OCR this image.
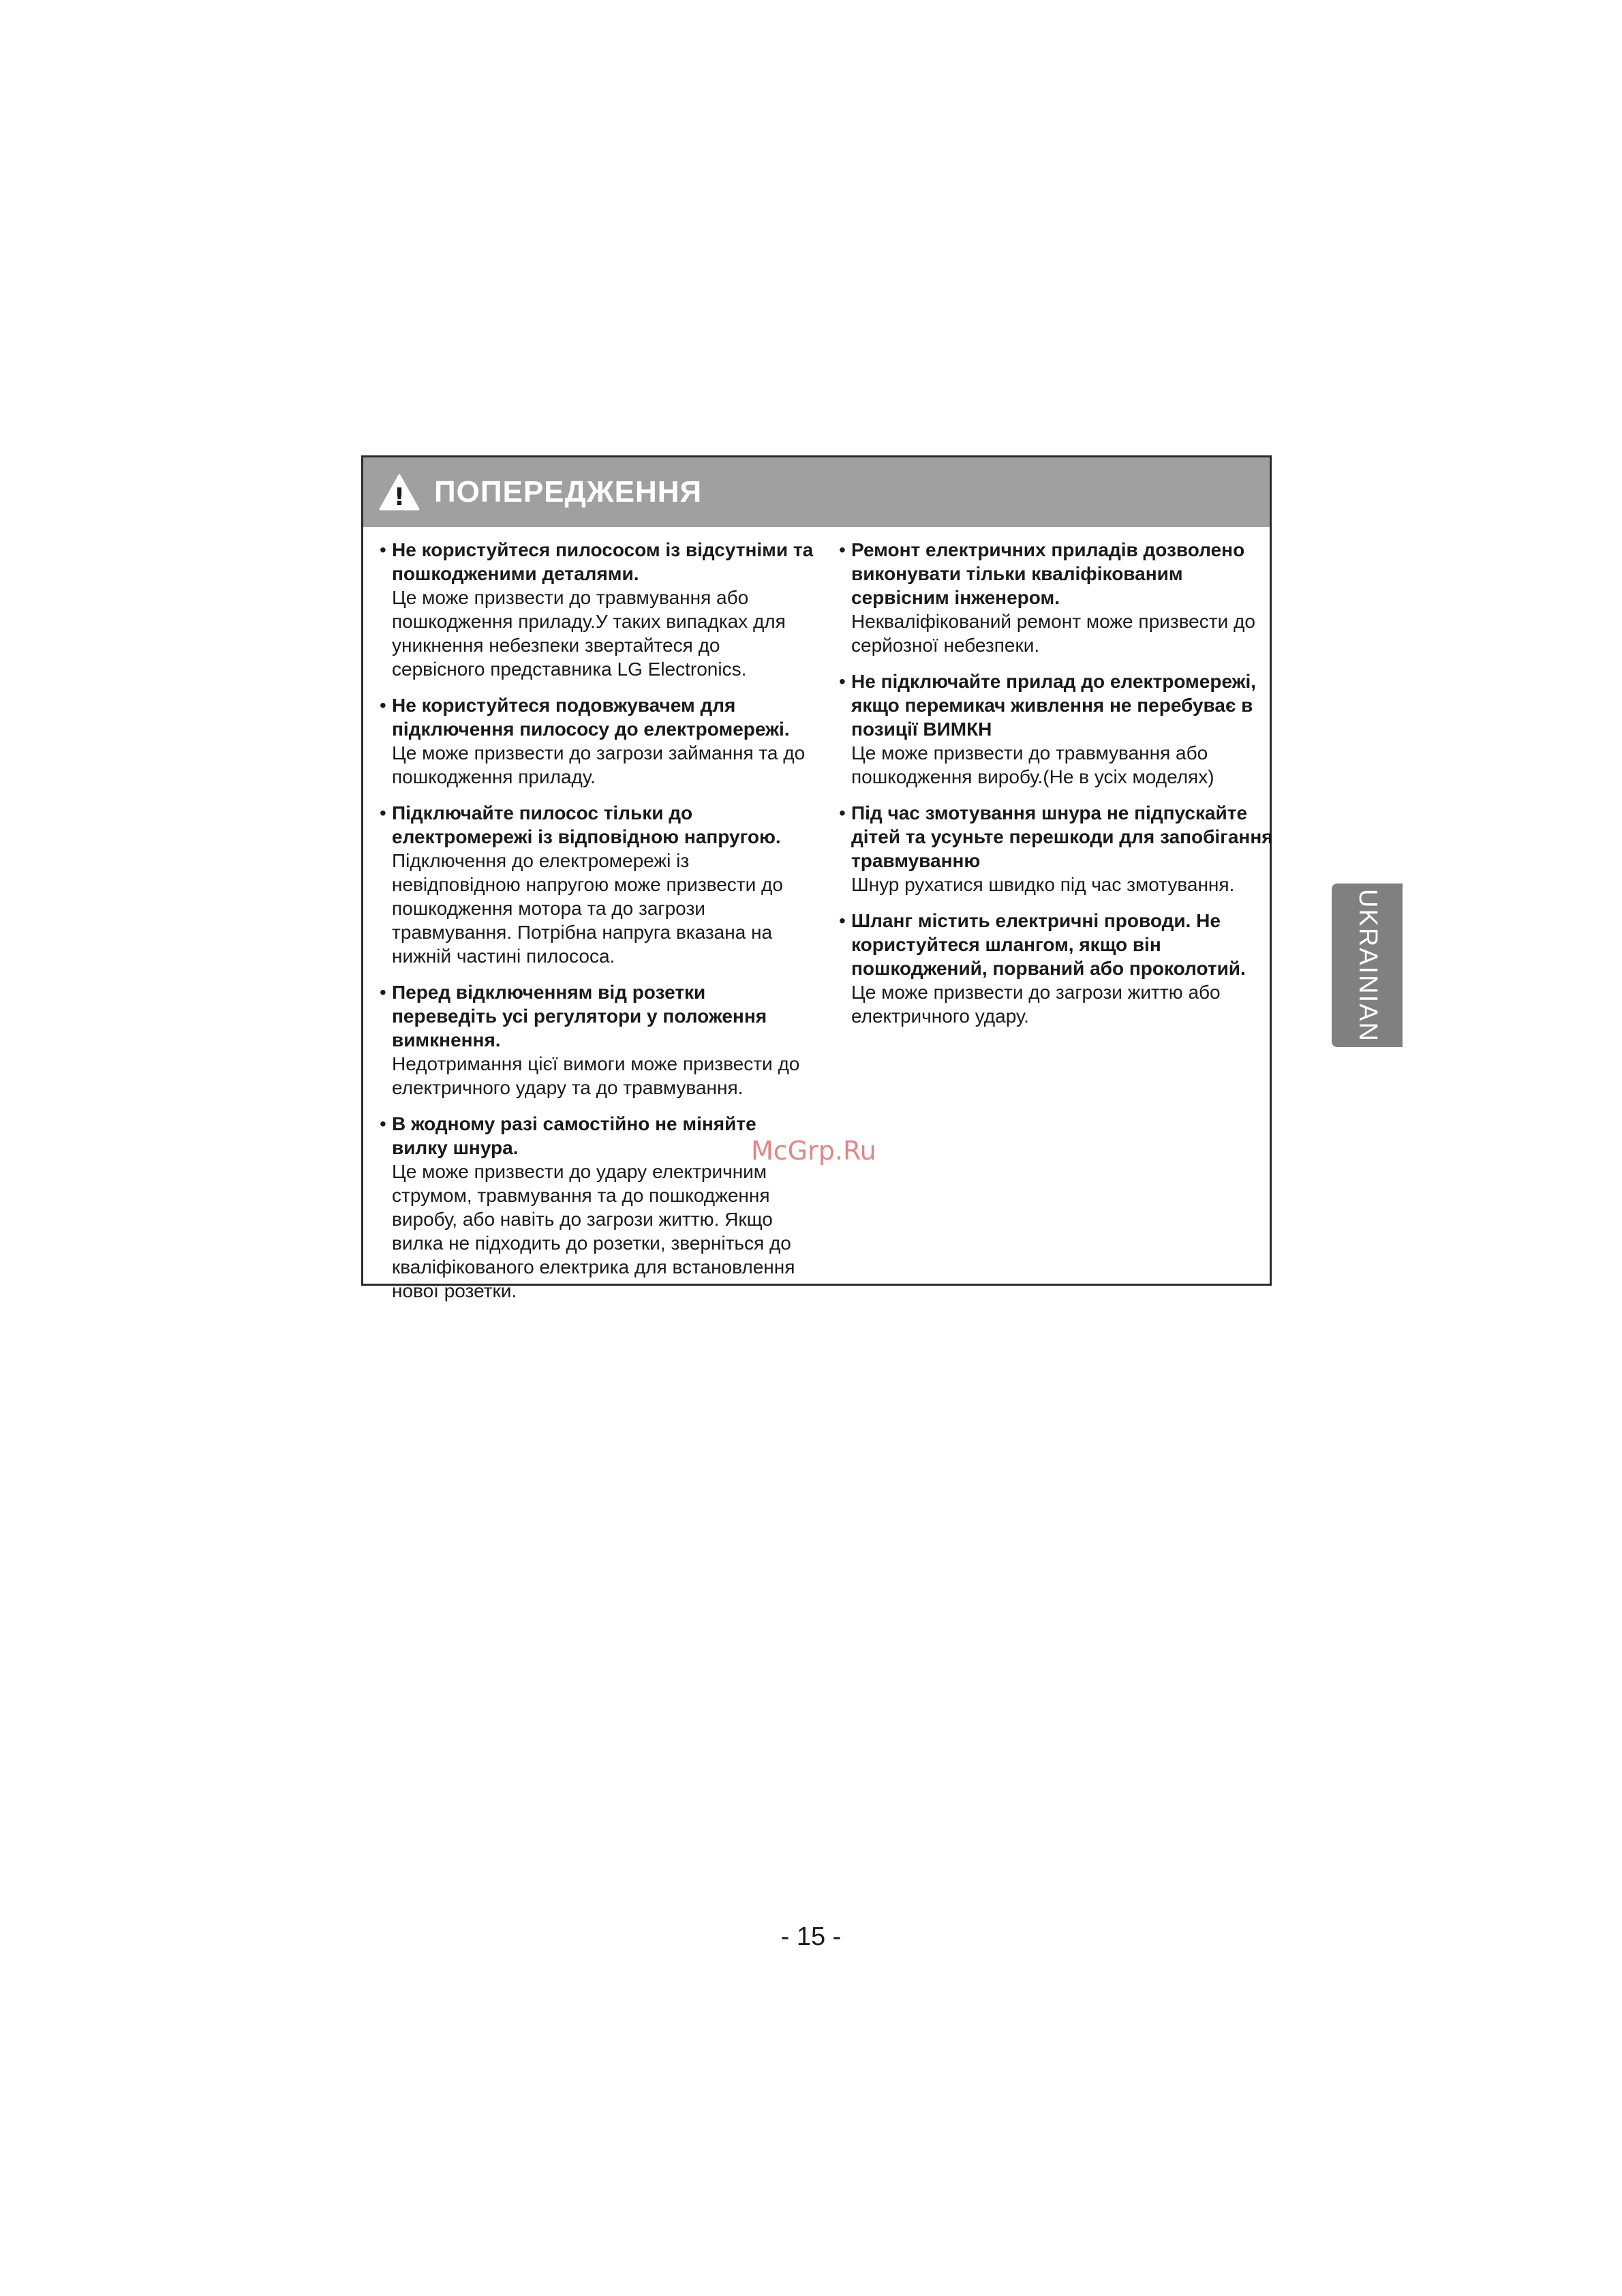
! ПОПЕРЕДЖЕННЯ
• Не користуйтеся пилососом із відсутніми та пошкодженими деталями.
Це може призвести до травмування або пошкодження приладу.У таких випадках для уникнення небезпеки звертайтеся до сервісного представника LG Electronics.
• Не користуйтеся подовжувачем для підключення пилососу до електромережі.
Це може призвести до загрози займання та до пошкодження приладу.
• Підключайте пилосос тільки до електромережі із відповідною напругою.
Підключення до електромережі із невідповідною напругою може призвести до пошкодження мотора та до загрози травмування. Потрібна напруга вказана на нижній частині пилососа.
• Перед відключенням від розетки переведіть усі регулятори у положення вимкнення.
Недотримання цієї вимоги може призвести до електричного удару та до травмування.
• В жодному разі самостійно не міняйте вилку шнура.
Це може призвести до удару електричним струмом, травмування та до пошкодження виробу, або навіть до загрози життю. Якщо вилка не підходить до розетки, зверніться до кваліфікованого електрика для встановлення нової розетки.
• Ремонт електричних приладів дозволено виконувати тільки кваліфікованим сервісним інженером.
Некваліфікований ремонт може призвести до серйозної небезпеки.
• Не підключайте прилад до електромережі, якщо перемикач живлення не перебуває в позиції ВИМКН
Це може призвести до травмування або пошкодження виробу.(Не в усіх моделях)
• Під час змотування шнура не підпускайте дітей та усуньте перешкоди для запобігання травмуванню
Шнур рухатися швидко під час змотування.
• Шланг містить електричні проводи. Не користуйтеся шлангом, якщо він пошкоджений, порваний або проколотий.
Це може призвести до загрози життю або електричного удару.
McGrp.Ru
UKRAINIAN
- 15 -
